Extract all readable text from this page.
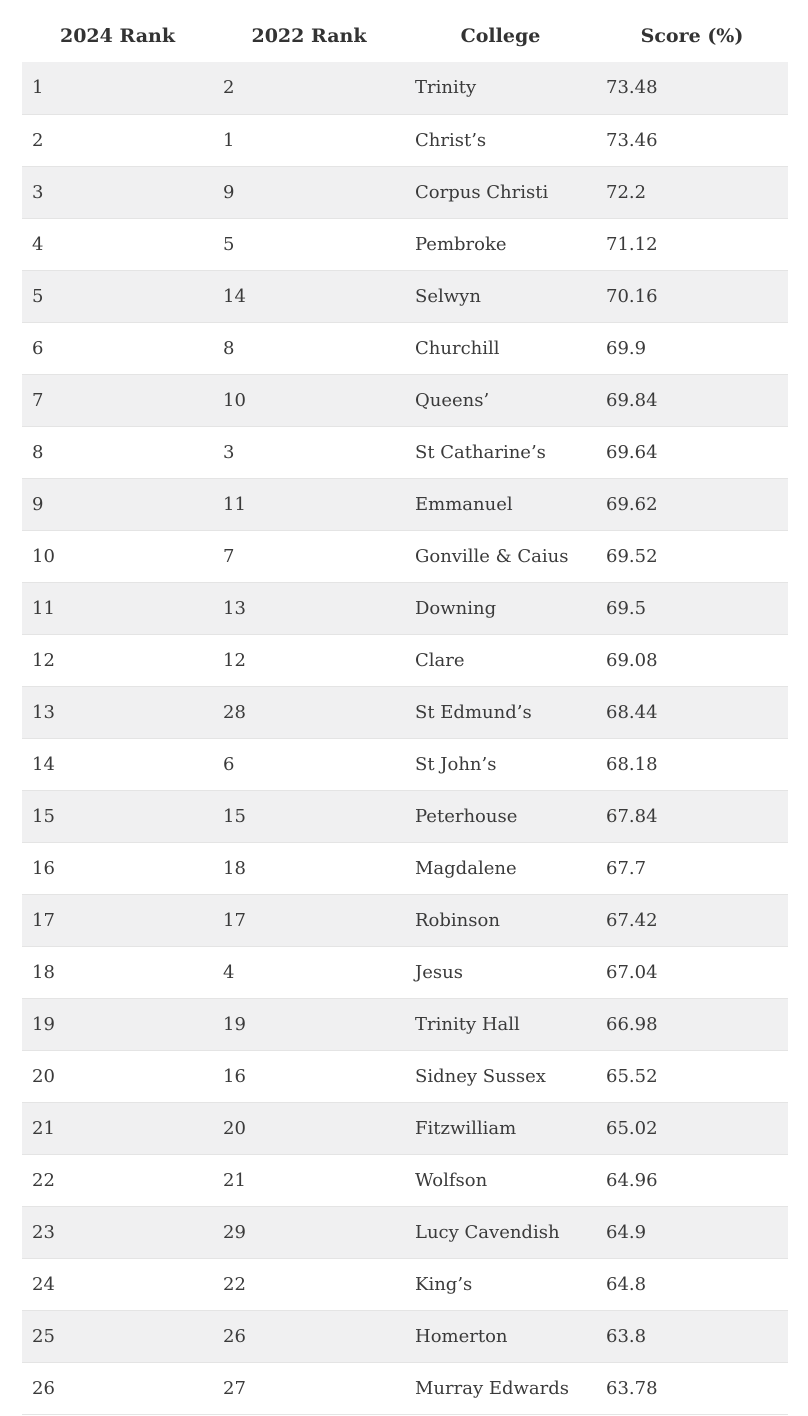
2024 Rank	2022 Rank	College	Score (%)
1	2	Trinity	73.48
2	1	Christ’s	73.46
3	9	Corpus Christi	72.2
4	5	Pembroke	71.12
5	14	Selwyn	70.16
6	8	Churchill	69.9
7	10	Queens’	69.84
8	3	St Catharine’s	69.64
9	11	Emmanuel	69.62
10	7	Gonville & Caius	69.52
11	13	Downing	69.5
12	12	Clare	69.08
13	28	St Edmund’s	68.44
14	6	St John’s	68.18
15	15	Peterhouse	67.84
16	18	Magdalene	67.7
17	17	Robinson	67.42
18	4	Jesus	67.04
19	19	Trinity Hall	66.98
20	16	Sidney Sussex	65.52
21	20	Fitzwilliam	65.02
22	21	Wolfson	64.96
23	29	Lucy Cavendish	64.9
24	22	King’s	64.8
25	26	Homerton	63.8
26	27	Murray Edwards	63.78
